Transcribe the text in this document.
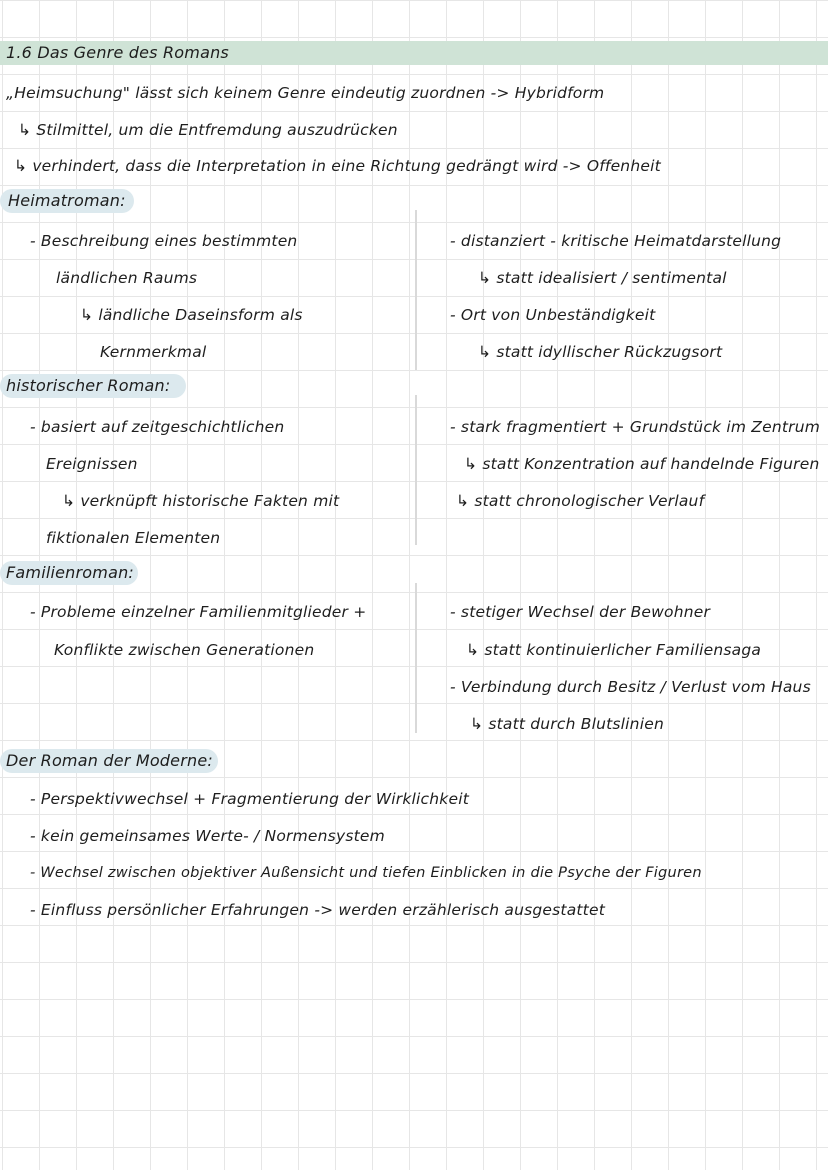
1.6 Das Genre des Romans
„Heimsuchung" lässt sich keinem Genre eindeutig zuordnen -> Hybridform
↳ Stilmittel, um die Entfremdung auszudrücken
↳ verhindert, dass die Interpretation in eine Richtung gedrängt wird -> Offenheit
Heimatroman:
- Beschreibung eines bestimmten
ländlichen Raums
↳ ländliche Daseinsform als
Kernmerkmal
- distanziert - kritische Heimatdarstellung
↳ statt idealisiert / sentimental
- Ort von Unbeständigkeit
↳ statt idyllischer Rückzugsort
historischer Roman:
- basiert auf zeitgeschichtlichen
Ereignissen
↳ verknüpft historische Fakten mit
fiktionalen Elementen
- stark fragmentiert + Grundstück im Zentrum
↳ statt Konzentration auf handelnde Figuren
↳ statt chronologischer Verlauf
Familienroman:
- Probleme einzelner Familienmitglieder +
Konflikte zwischen Generationen
- stetiger Wechsel der Bewohner
↳ statt kontinuierlicher Familiensaga
- Verbindung durch Besitz / Verlust vom Haus
↳ statt durch Blutslinien
Der Roman der Moderne:
- Perspektivwechsel + Fragmentierung der Wirklichkeit
- kein gemeinsames Werte- / Normensystem
- Wechsel zwischen objektiver Außensicht und tiefen Einblicken in die Psyche der Figuren
- Einfluss persönlicher Erfahrungen -> werden erzählerisch ausgestattet
